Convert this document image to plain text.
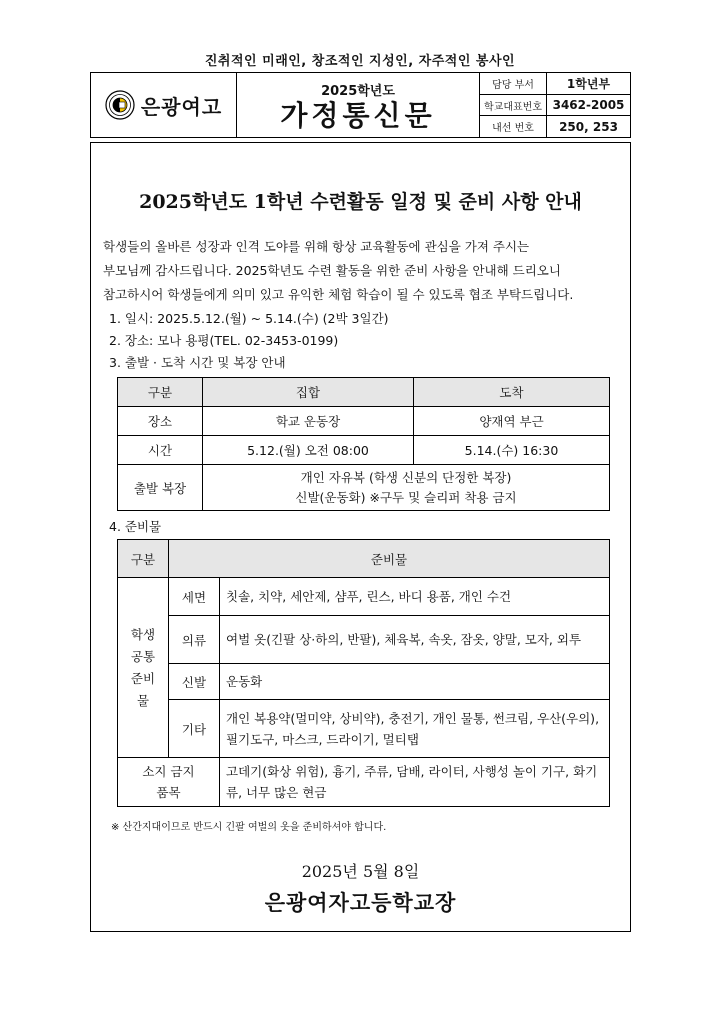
진취적인 미래인, 창조적인 지성인, 자주적인 봉사인
은광여고
2025학년도
가정통신문
담당 부서	1학년부
학교대표번호 3462-2005
내선 번호	250, 253
2025학년도 1학년 수련활동 일정 및 준비 사항 안내

학생들의 올바른 성장과 인격 도야를 위해 항상 교육활동에 관심을 가져 주시는

부모님께 감사드립니다. 2025학년도 수련 활동을 위한 준비 사항을 안내해 드리오니

참고하시어 학생들에게 의미 있고 유익한 체험 학습이 될 수 있도록 협조 부탁드립니다.

1. 일시: 2025.5.12.(월) ~ 5.14.(수) (2박 3일간)
2. 장소: 모나 용평(TEL. 02-3453-0199)
3. 출발 · 도착 시간 및 복장 안내
구분	집합	도착
장소	학교 운동장	양재역 부근
시간	5.12.(월) 오전 08:00	5.14.(수) 16:30
출발 복장	개인 자유복 (학생 신분의 단정한 복장)
신발(운동화) ※구두 및 슬리퍼 착용 금지	
4. 준비물
구분	준비물	

학생
공통
준비
물	세면	칫솔, 치약, 세안제, 샴푸, 린스, 바디 용품, 개인 수건
	의류	여벌 옷(긴팔 상·하의, 반팔), 체육복, 속옷, 잠옷, 양말, 모자, 외투
	신발	운동화
	기타	개인 복용약(멀미약, 상비약), 충전기, 개인 물통, 썬크림, 우산(우의), 필기도구, 마스크, 드라이기, 멀티탭

소지 금지
품목		고데기(화상 위험), 흉기, 주류, 담배, 라이터, 사행성 놀이 기구, 화기류, 너무 많은 현금
※ 산간지대이므로 반드시 긴팔 여벌의 옷을 준비하셔야 합니다.
2025년 5월 8일
은광여자고등학교장
